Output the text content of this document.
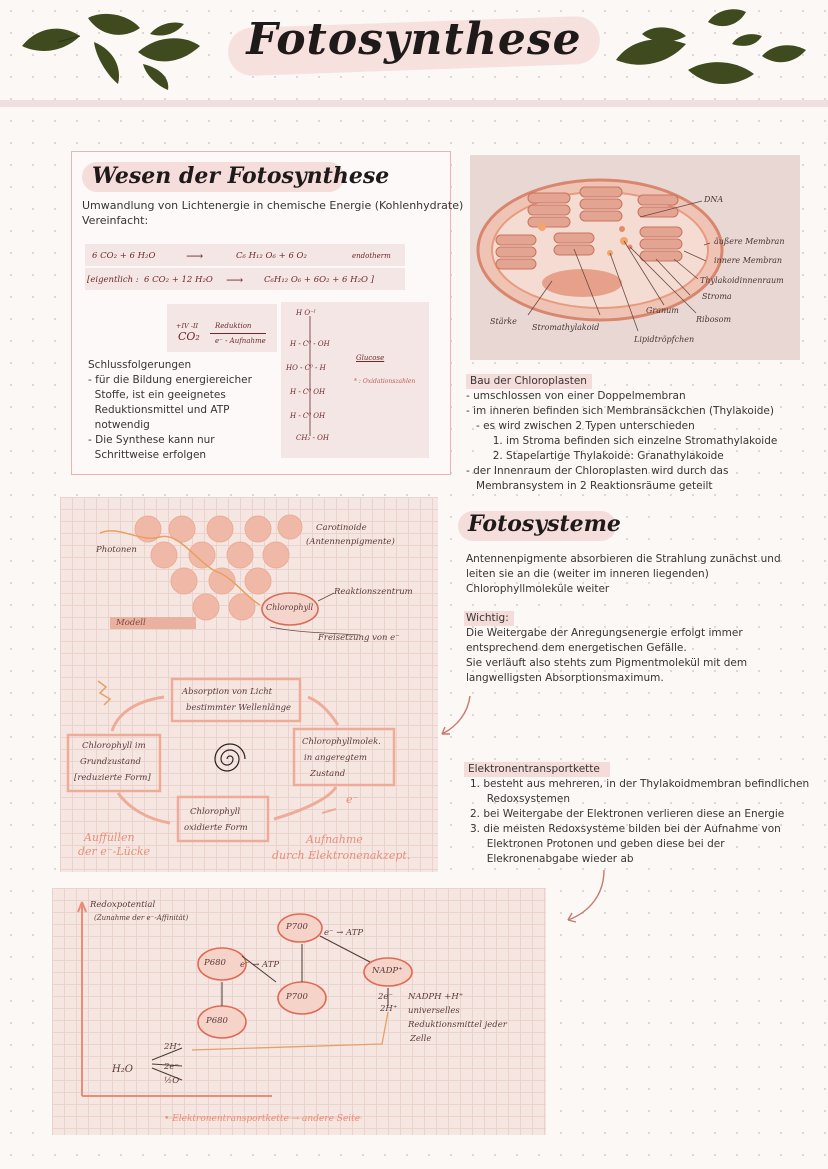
Fotosynthese
Wesen der Fotosynthese
Umwandlung von Lichtenergie in chemische Energie (Kohlenhydrate)
Vereinfacht:
6 CO₂ + 6 H₂O	⟶	C₆ H₁₂ O₆ + 6 O₂	endotherm
[eigentlich : 6 CO₂ + 12 H₂O ⟶ C₆H₁₂ O₆ + 6O₂ + 6 H₂O ]
+IV -II
CO₂
Reduktion
e⁻ - Aufnahme
H O⁻ᴵ
H - C⁰ - OH
HO - C⁰ - H
H - C⁰ OH
H - C⁰ OH
CH₂ - OH
Glucose
* : Oxidationszahlen
Schlussfolgerungen
- für die Bildung energiereicher
Stoffe, ist ein geeignetes
Reduktionsmittel und ATP
notwendig
- Die Synthese kann nur
Schrittweise erfolgen
DNA
äußere Membran
innere Membran
Thylakoidinnenraum
Stroma
Ribosom
Granum
Stärke
Stromathylakoid
Lipidtröpfchen
Bau der Chloroplasten
- umschlossen von einer Doppelmembran
- im inneren befinden sich Membransäckchen (Thylakoide)
- es wird zwischen 2 Typen unterschieden
1. im Stroma befinden sich einzelne Stromathylakoide
2. Stapelartige Thylakoide: Granathylakoide
- der Innenraum der Chloroplasten wird durch das
Membransystem in 2 Reaktionsräume geteilt
Photonen
Carotinoide
(Antennenpigmente)
Reaktionszentrum
Chlorophyll
Modell
Freisetzung von e⁻
Absorption von Licht
bestimmter Wellenlänge
Chlorophyllmolek.
in angeregtem
Zustand
Chlorophyll
oxidierte Form
Chlorophyll im
Grundzustand
[reduzierte Form]
Auffüllen
der e⁻-Lücke
Aufnahme
durch Elektronenakzept.
e⁻
Fotosysteme
Antennenpigmente absorbieren die Strahlung zunächst und
leiten sie an die (weiter im inneren liegenden)
Chlorophyllmoleküle weiter
Wichtig:
Die Weitergabe der Anregungsenergie erfolgt immer
entsprechend dem energetischen Gefälle.
Sie verläuft also stehts zum Pigmentmolekül mit dem
langwelligsten Absorptionsmaximum.
Elektronentransportkette
1. besteht aus mehreren, in der Thylakoidmembran befindlichen
Redoxsystemen
2. bei Weitergabe der Elektronen verlieren diese an Energie
3. die meisten Redoxsysteme bilden bei der Aufnahme von
Elektronen Protonen und geben diese bei der
Elekronenabgabe wieder ab
Redoxpotential
(Zunahme der e⁻-Affinität)
P680
P680
P700
P700
NADP⁺
e⁻ → ATP
e⁻ → ATP
NADPH +H⁺
universelles
Reduktionsmittel jeder
Zelle
2e⁻
2H⁺
H₂O
2H⁺
2e⁻
½O
• Elektronentransportkette → andere Seite
